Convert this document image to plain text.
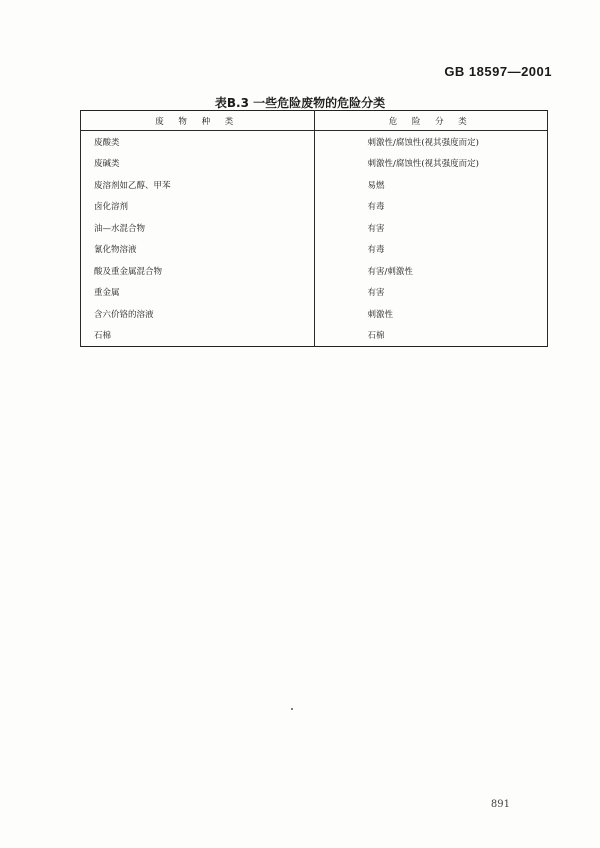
GB 18597—2001
表B.3 一些危险废物的危险分类
废 物 种 类	危 险 分 类
废酸类	刺激性/腐蚀性(视其强度而定)
废碱类	刺激性/腐蚀性(视其强度而定)
废溶剂如乙醇、甲苯	易燃
卤化溶剂	有毒
油—水混合物	有害
氰化物溶液	有毒
酸及重金属混合物	有害/刺激性
重金属	有害
含六价铬的溶液	刺激性
石棉	石棉
891
